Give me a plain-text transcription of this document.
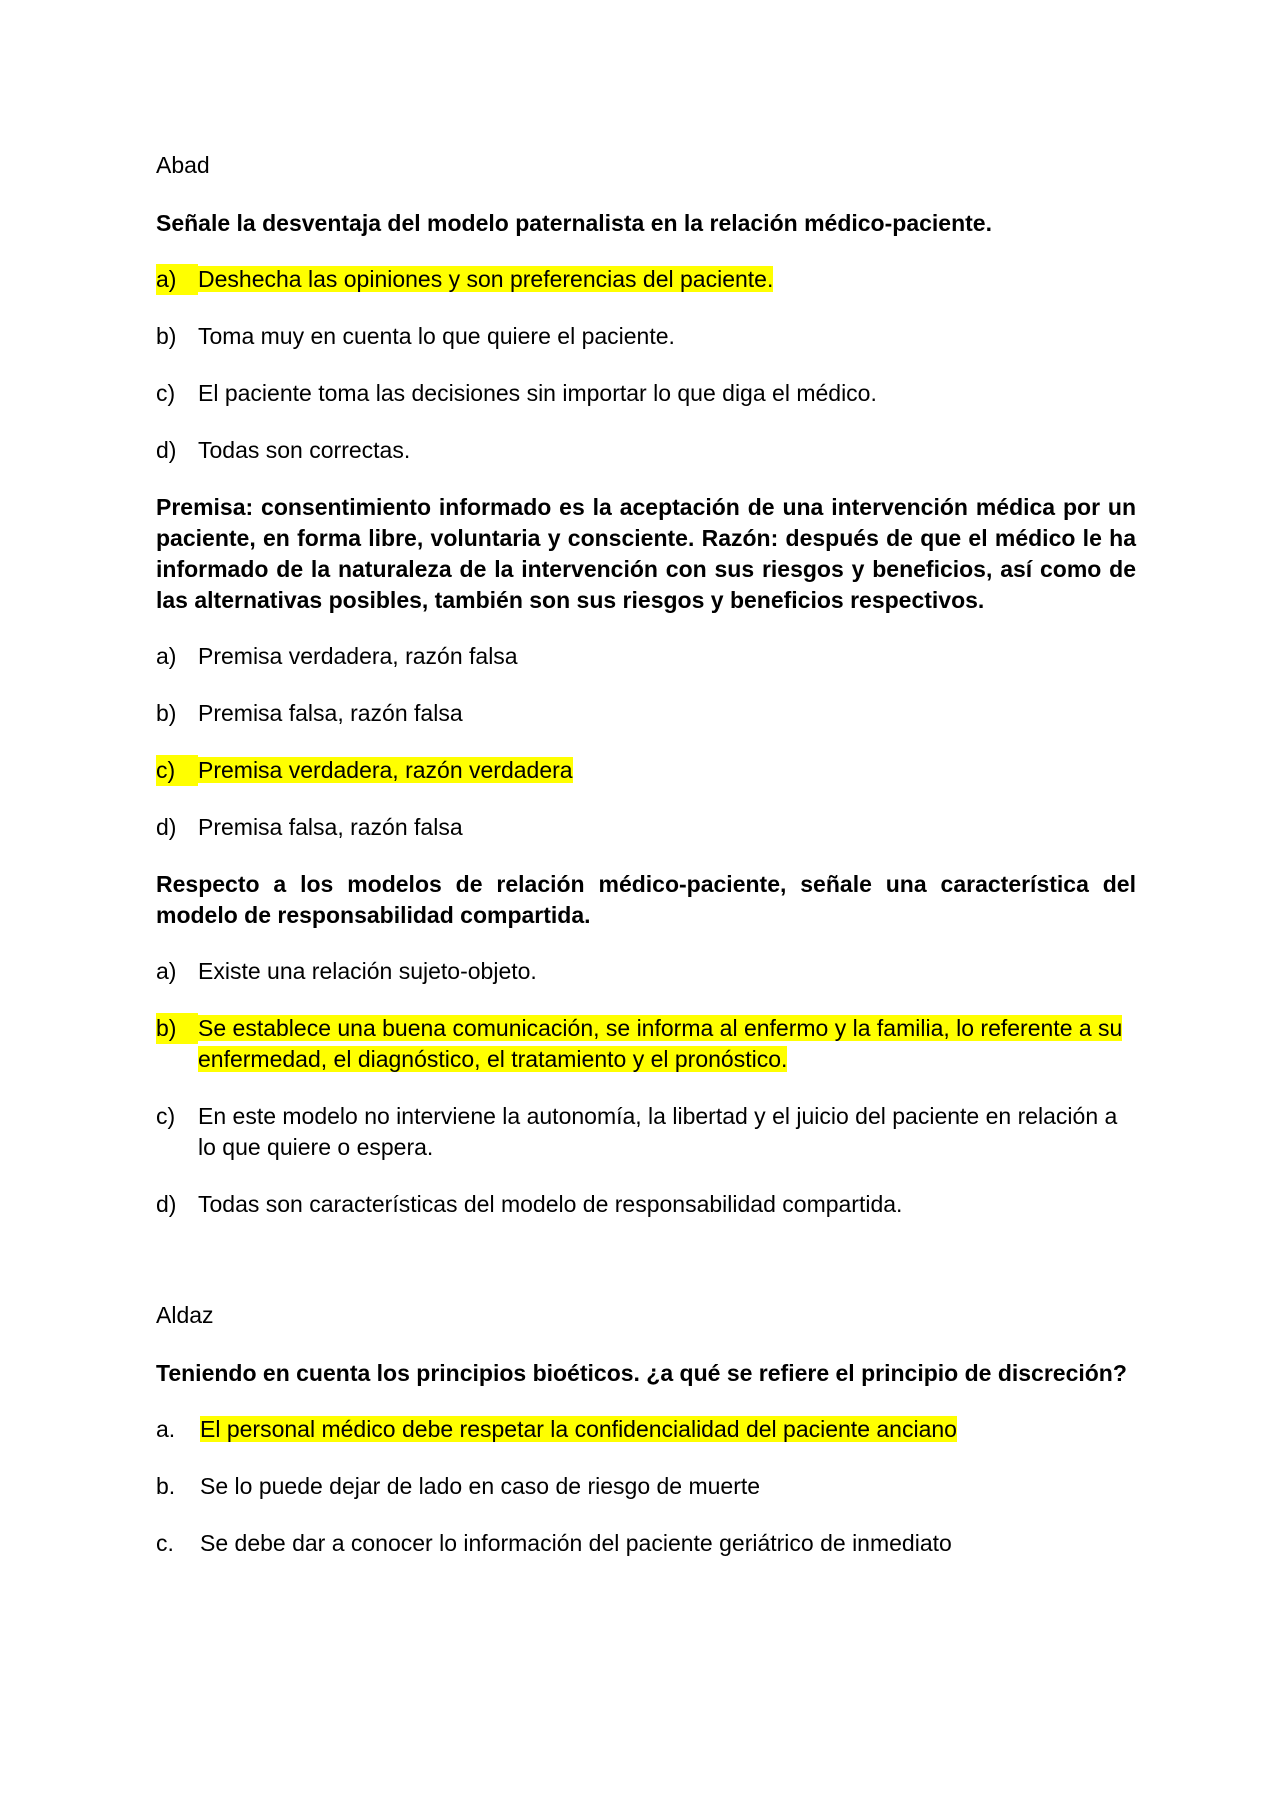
Abad

Señale la desventaja del modelo paternalista en la relación médico-paciente.

a) Deshecha las opiniones y son preferencias del paciente.
b) Toma muy en cuenta lo que quiere el paciente.
c) El paciente toma las decisiones sin importar lo que diga el médico.
d) Todas son correctas.

Premisa: consentimiento informado es la aceptación de una intervención médica por un paciente, en forma libre, voluntaria y consciente. Razón: después de que el médico le ha informado de la naturaleza de la intervención con sus riesgos y beneficios, así como de las alternativas posibles, también son sus riesgos y beneficios respectivos.

a) Premisa verdadera, razón falsa
b) Premisa falsa, razón falsa
c) Premisa verdadera, razón verdadera
d) Premisa falsa, razón falsa

Respecto a los modelos de relación médico-paciente, señale una característica del modelo de responsabilidad compartida.

a) Existe una relación sujeto-objeto.
b) Se establece una buena comunicación, se informa al enfermo y la familia, lo referente a su enfermedad, el diagnóstico, el tratamiento y el pronóstico.
c) En este modelo no interviene la autonomía, la libertad y el juicio del paciente en relación a lo que quiere o espera.
d) Todas son características del modelo de responsabilidad compartida.

Aldaz

Teniendo en cuenta los principios bioéticos. ¿a qué se refiere el principio de discreción?

a.	El personal médico debe respetar la confidencialidad del paciente anciano
b.	Se lo puede dejar de lado en caso de riesgo de muerte
c.	Se debe dar a conocer lo información del paciente geriátrico de inmediato
